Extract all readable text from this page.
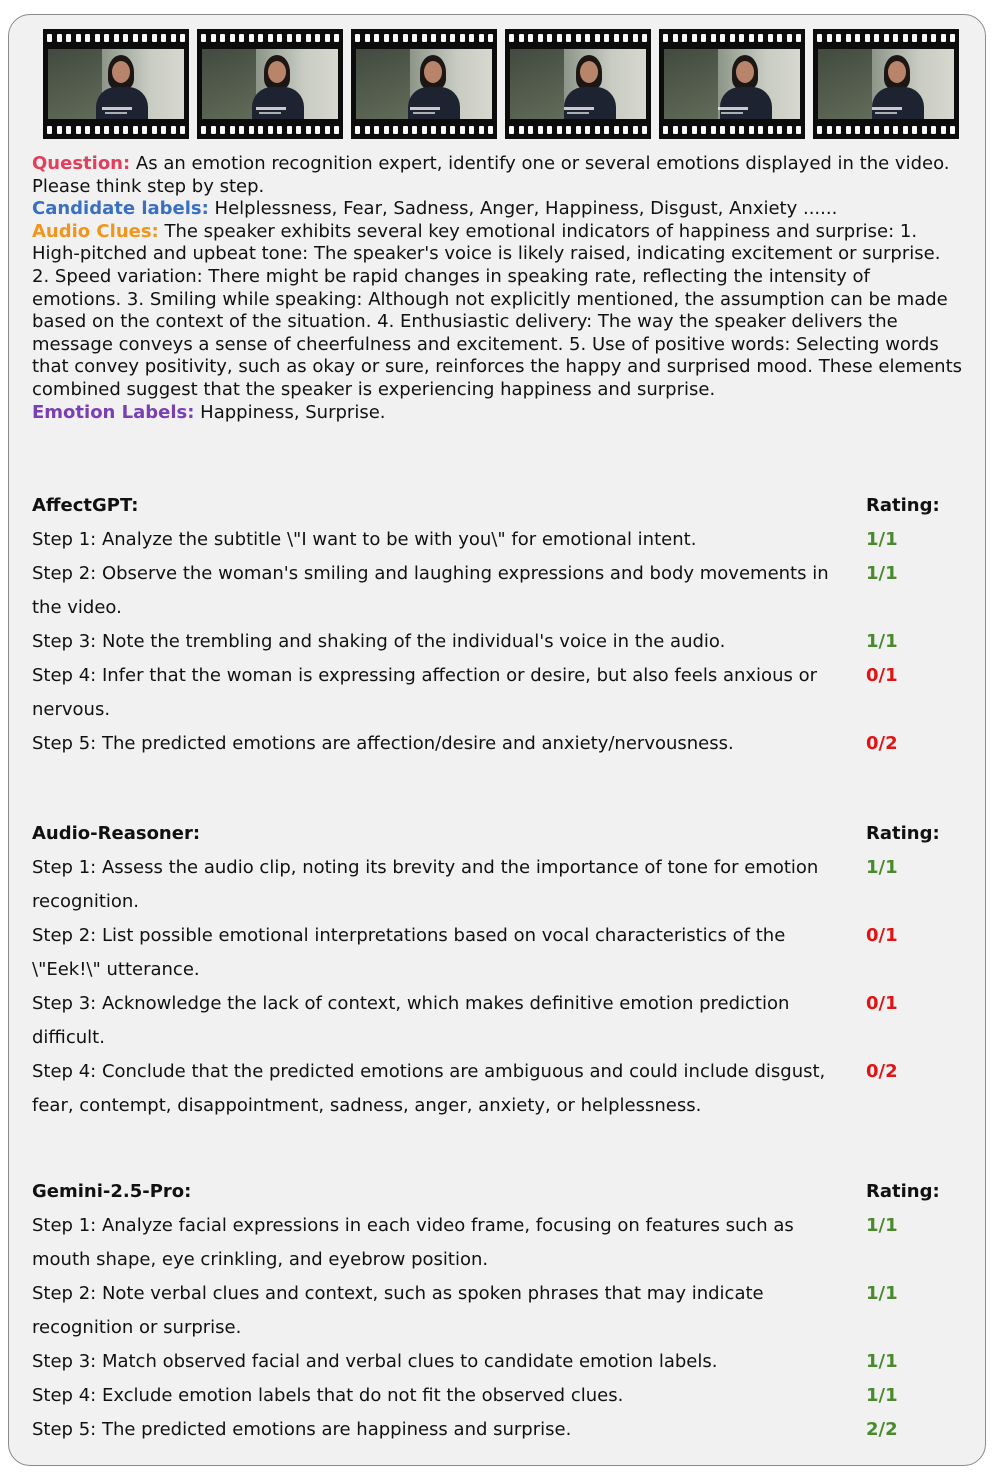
Question: As an emotion recognition expert, identify one or several emotions displayed in the video. Please think step by step.

Candidate labels: Helplessness, Fear, Sadness, Anger, Happiness, Disgust, Anxiety ......

Audio Clues: The speaker exhibits several key emotional indicators of happiness and surprise: 1. High-pitched and upbeat tone: The speaker's voice is likely raised, indicating excitement or surprise. 2. Speed variation: There might be rapid changes in speaking rate, reflecting the intensity of emotions. 3. Smiling while speaking: Although not explicitly mentioned, the assumption can be made based on the context of the situation. 4. Enthusiastic delivery: The way the speaker delivers the message conveys a sense of cheerfulness and excitement. 5. Use of positive words: Selecting words that convey positivity, such as okay or sure, reinforces the happy and surprised mood. These elements combined suggest that the speaker is experiencing happiness and surprise.

Emotion Labels: Happiness, Surprise.

AffectGPT:	Rating:
Step 1: Analyze the subtitle \"I want to be with you\" for emotional intent.	1/1
Step 2: Observe the woman's smiling and laughing expressions and body movements in the video.
1/1
Step 3: Note the trembling and shaking of the individual's voice in the audio.	1/1
Step 4: Infer that the woman is expressing affection or desire, but also feels anxious or nervous.
0/1
Step 5: The predicted emotions are affection/desire and anxiety/nervousness.	0/2
Audio-Reasoner:	Rating:
Step 1: Assess the audio clip, noting its brevity and the importance of tone for emotion recognition.
1/1
Step 2: List possible emotional interpretations based on vocal characteristics of the \"Eek!\" utterance.
0/1
Step 3: Acknowledge the lack of context, which makes definitive emotion prediction difficult.
0/1
Step 4: Conclude that the predicted emotions are ambiguous and could include disgust, fear, contempt, disappointment, sadness, anger, anxiety, or helplessness.
0/2
Gemini-2.5-Pro:	Rating:
Step 1: Analyze facial expressions in each video frame, focusing on features such as mouth shape, eye crinkling, and eyebrow position.
1/1
Step 2: Note verbal clues and context, such as spoken phrases that may indicate recognition or surprise.
1/1
Step 3: Match observed facial and verbal clues to candidate emotion labels.	1/1
Step 4: Exclude emotion labels that do not fit the observed clues.	1/1
Step 5: The predicted emotions are happiness and surprise.	2/2
